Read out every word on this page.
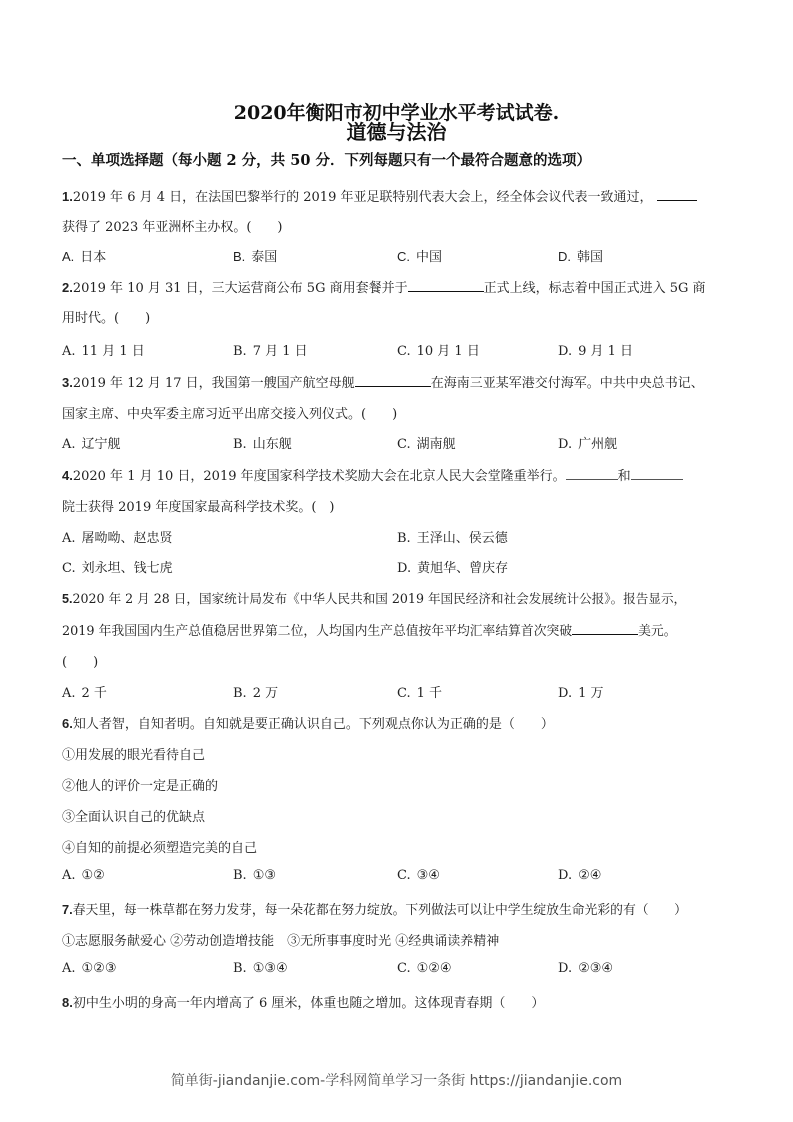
2020年衡阳市初中学业水平考试试卷.
道德与法治
一、单项选择题（每小题 2 分，共 50 分．下列每题只有一个最符合题意的选项）
1.2019 年 6 月 4 日，在法国巴黎举行的 2019 年亚足联特别代表大会上，经全体会议代表一致通过，
获得了 2023 年亚洲杯主办权。(　　)
A. 日本	B. 泰国	C. 中国	D. 韩国
2.2019 年 10 月 31 日，三大运营商公布 5G 商用套餐并于	正式上线，标志着中国正式进入 5G 商
用时代。(　　)
A. 11 月 1 日	B. 7 月 1 日	C. 10 月 1 日	D. 9 月 1 日
3.2019 年 12 月 17 日，我国第一艘国产航空母舰	在海南三亚某军港交付海军。中共中央总书记、
国家主席、中央军委主席习近平出席交接入列仪式。(　　)
A. 辽宁舰	B. 山东舰	C. 湖南舰	D. 广州舰
4.2020 年 1 月 10 日，2019 年度国家科学技术奖励大会在北京人民大会堂隆重举行。	和
院士获得 2019 年度国家最高科学技术奖。(　)
A. 屠呦呦、赵忠贤	B. 王泽山、侯云德
C. 刘永坦、钱七虎	D. 黄旭华、曾庆存
5.2020 年 2 月 28 日，国家统计局发布《中华人民共和国 2019 年国民经济和社会发展统计公报》。报告显示，
2019 年我国国内生产总值稳居世界第二位，人均国内生产总值按年平均汇率结算首次突破	美元。
(　　)
A. 2 千	B. 2 万	C. 1 千	D. 1 万
6.知人者智，自知者明。自知就是要正确认识自己。下列观点你认为正确的是（　　）
①用发展的眼光看待自己
②他人的评价一定是正确的
③全面认识自己的优缺点
④自知的前提必须塑造完美的自己
A. ①②	B. ①③	C. ③④	D. ②④
7.春天里，每一株草都在努力发芽，每一朵花都在努力绽放。下列做法可以让中学生绽放生命光彩的有（　　）
①志愿服务献爱心 ②劳动创造增技能　③无所事事度时光 ④经典诵读养精神
A. ①②③	B. ①③④	C. ①②④	D. ②③④
8.初中生小明的身高一年内增高了 6 厘米，体重也随之增加。这体现青春期（　　）
简单街-jiandanjie.com-学科网简单学习一条街 https://jiandanjie.com
